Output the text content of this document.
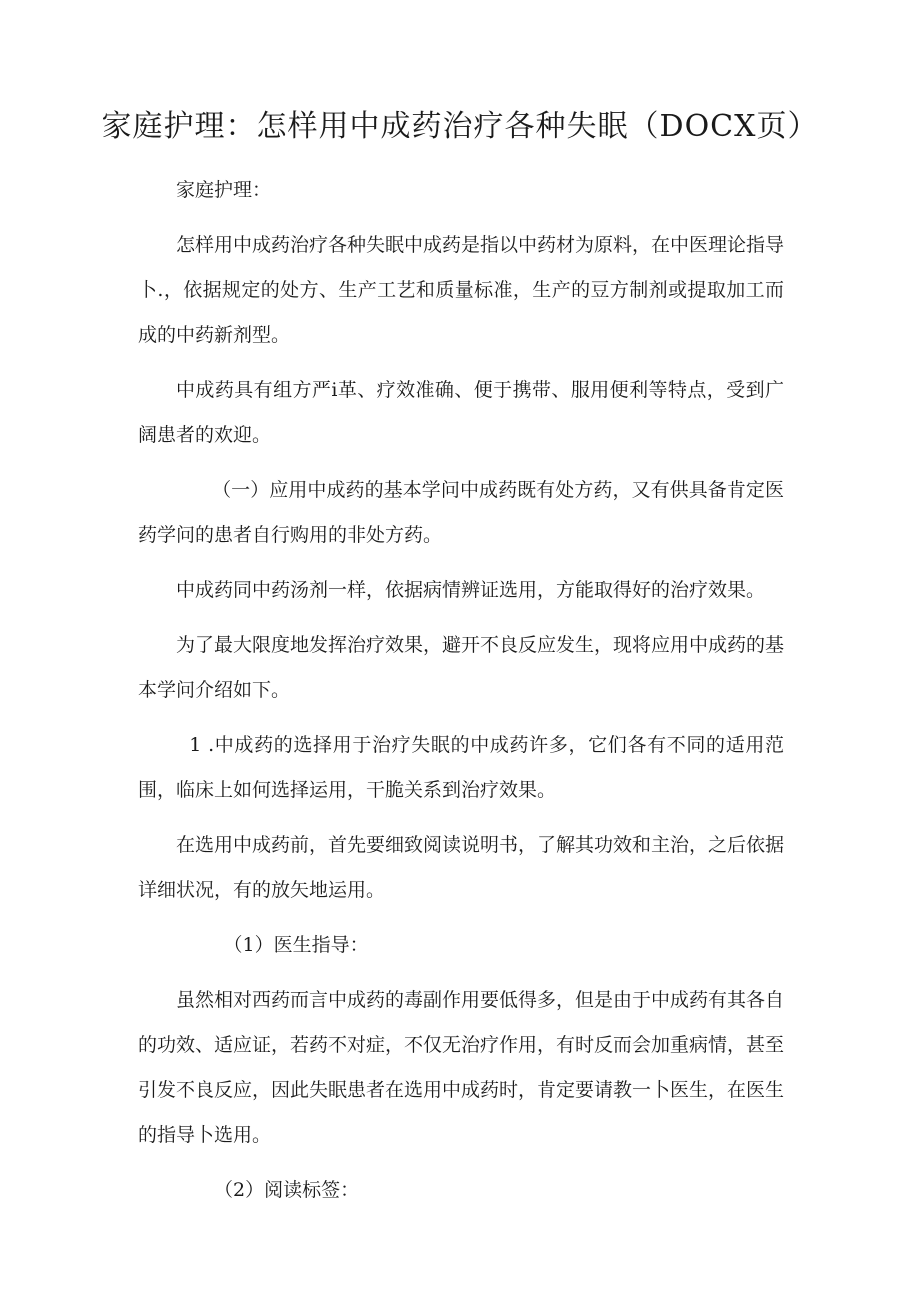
家庭护理：怎样用中成药治疗各种失眠（DOCX页）

家庭护理：

怎样用中成药治疗各种失眠中成药是指以中药材为原料，在中医理论指导卜.，依据规定的处方、生产工艺和质量标准，生产的豆方制剂或提取加工而成的中药新剂型。

中成药具有组方严i革、疗效准确、便于携带、服用便利等特点，受到广阔患者的欢迎。

（一）应用中成药的基本学问中成药既有处方药，又有供具备肯定医药学问的患者自行购用的非处方药。

中成药同中药汤剂一样，依据病情辨证选用，方能取得好的治疗效果。

为了最大限度地发挥治疗效果，避开不良反应发生，现将应用中成药的基本学问介绍如下。

1 .中成药的选择用于治疗失眠的中成药许多，它们各有不同的适用范围，临床上如何选择运用，干脆关系到治疗效果。

在选用中成药前，首先要细致阅读说明书，了解其功效和主治，之后依据详细状况，有的放矢地运用。

（1）医生指导：

虽然相对西药而言中成药的毒副作用要低得多，但是由于中成药有其各自的功效、适应证，若药不对症，不仅无治疗作用，有时反而会加重病情，甚至引发不良反应，因此失眠患者在选用中成药时，肯定要请教一卜医生，在医生的指导卜选用。

（2）阅读标签：
